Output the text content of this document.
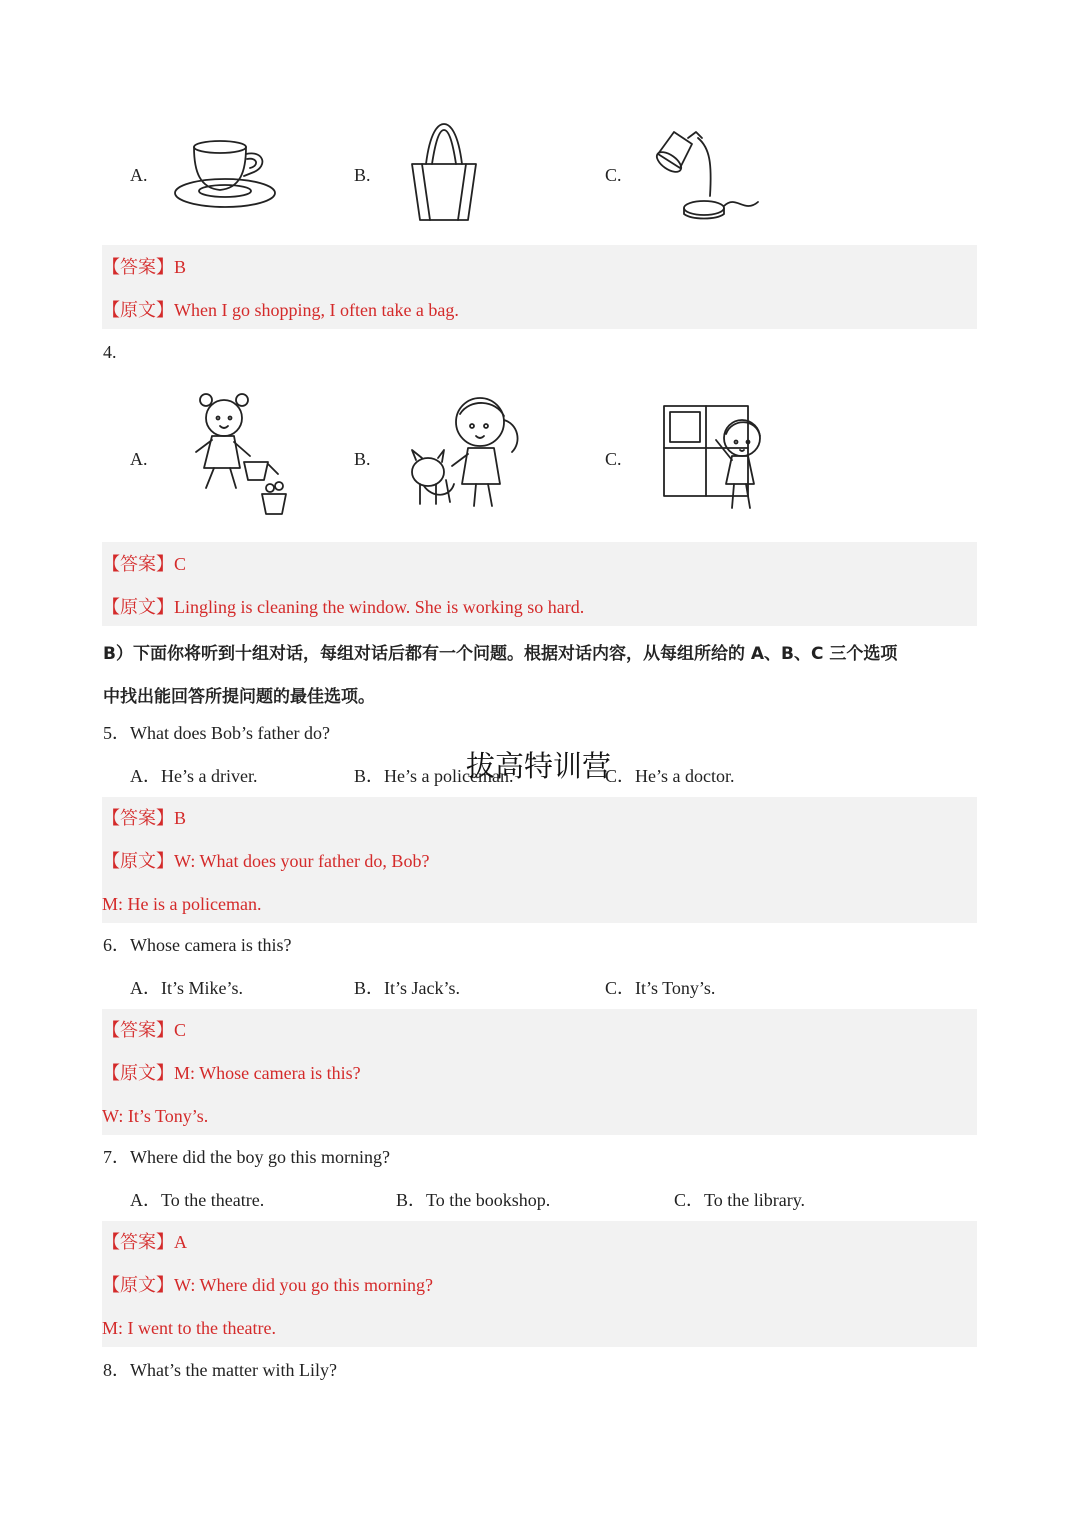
A.	B.	C.
【答案】B
【原文】When I go shopping, I often take a bag.
4.
A.	B.	C.
【答案】C
【原文】Lingling is cleaning the window. She is working so hard.
B）下面你将听到十组对话，每组对话后都有一个问题。根据对话内容，从每组所给的 A、B、C 三个选项
中找出能回答所提问题的最佳选项。
5．What does Bob’s father do?
A．He’s a driver.	B．He’s a policeman.	C．He’s a doctor.
拔高特训营
【答案】B
【原文】W: What does your father do, Bob?
M: He is a policeman.
6．Whose camera is this?
A．It’s Mike’s.	B．It’s Jack’s.	C．It’s Tony’s.
【答案】C
【原文】M: Whose camera is this?
W: It’s Tony’s.
7．Where did the boy go this morning?
A．To the theatre.	B．To the bookshop.	C．To the library.
【答案】A
【原文】W: Where did you go this morning?
M: I went to the theatre.
8．What’s the matter with Lily?
